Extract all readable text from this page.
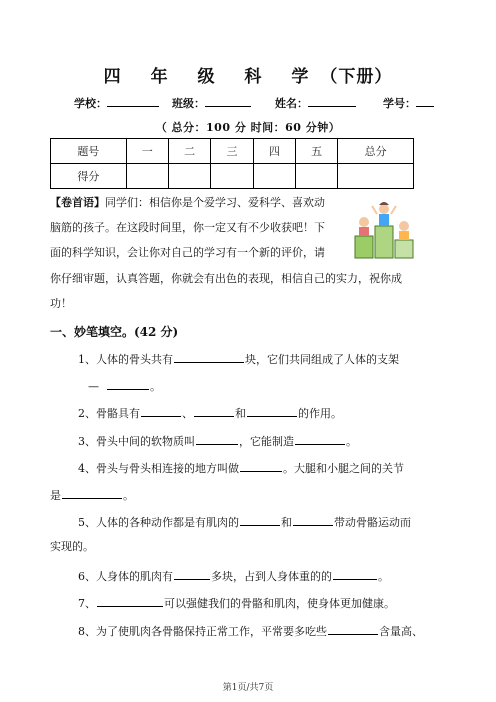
四 年 级 科 学（下册）
学校：	班级：	姓名：	学号：
（ 总分：100 分 时间：60 分钟）
题号	一	二	三	四	五	总分
得分						
【卷首语】同学们：相信你是个爱学习、爱科学、喜欢动
脑筋的孩子。在这段时间里，你一定又有不少收获吧！下
面的科学知识，会让你对自己的学习有一个新的评价，请
你仔细审题，认真答题，你就会有出色的表现，相信自己的实力，祝你成
功！
一、妙笔填空。(42 分)
1、人体的骨头共有	块，它们共同组成了人体的支架
—	。
2、骨骼具有	、	和	的作用。
3、骨头中间的软物质叫	，它能制造	。
4、骨头与骨头相连接的地方叫做	。大腿和小腿之间的关节
是	。
5、人体的各种动作都是有肌肉的	和	带动骨骼运动而
实现的。
6、人身体的肌肉有	多块，占到人身体重的的	。
7、	可以强健我们的骨骼和肌肉，使身体更加健康。
8、为了使肌肉各骨骼保持正常工作，平常要多吃些	含量高、
第1页/共7页
